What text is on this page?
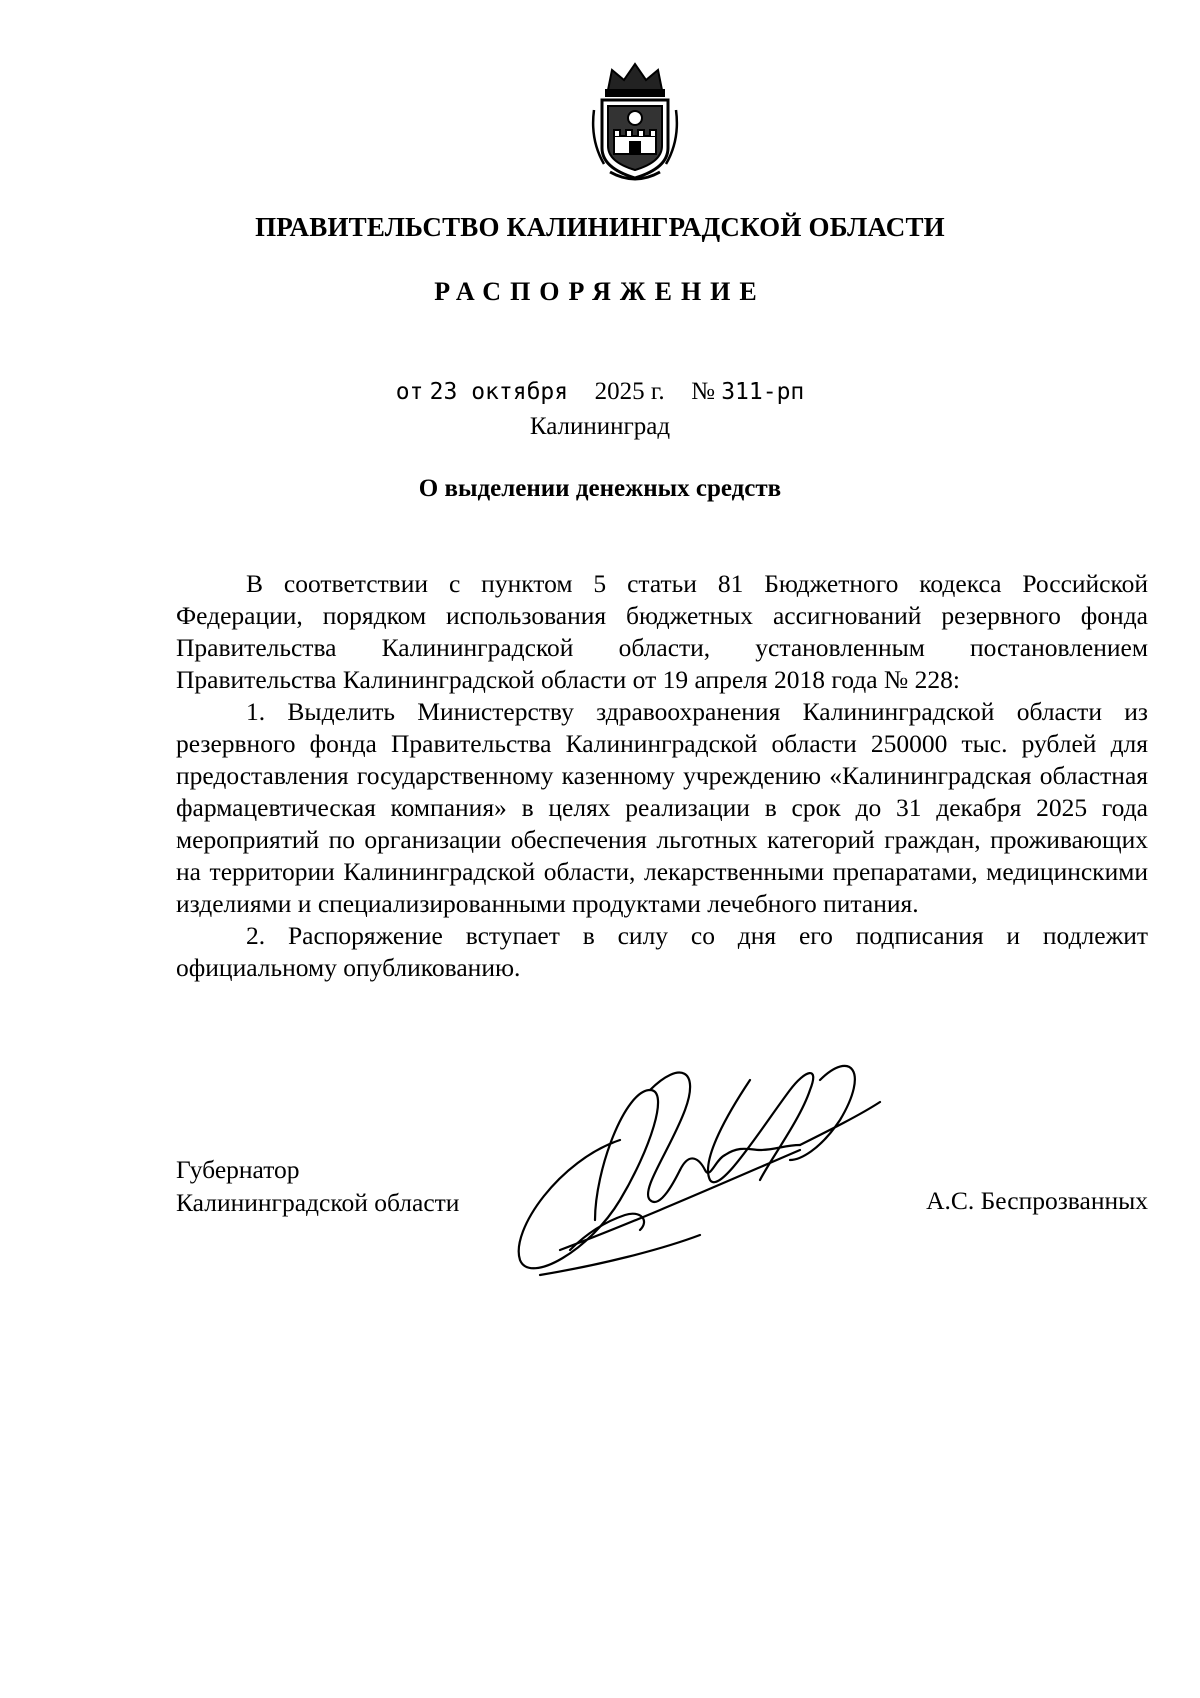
ПРАВИТЕЛЬСТВО КАЛИНИНГРАДСКОЙ ОБЛАСТИ
РАСПОРЯЖЕНИЕ
от 23 октября 2025 г. № 311-рп
Калининград
О выделении денежных средств

В соответствии с пунктом 5 статьи 81 Бюджетного кодекса Российской Федерации, порядком использования бюджетных ассигнований резервного фонда Правительства Калининградской области, установленным постановлением Правительства Калининградской области от 19 апреля 2018 года № 228:

1. Выделить Министерству здравоохранения Калининградской области из резервного фонда Правительства Калининградской области 250000 тыс. рублей для предоставления государственному казенному учреждению «Калининградская областная фармацевтическая компания» в целях реализации в срок до 31 декабря 2025 года мероприятий по организации обеспечения льготных категорий граждан, проживающих на территории Калининградской области, лекарственными препаратами, медицинскими изделиями и специализированными продуктами лечебного питания.

2. Распоряжение вступает в силу со дня его подписания и подлежит официальному опубликованию.

Губернатор
Калининградской области	А.С. Беспрозванных
